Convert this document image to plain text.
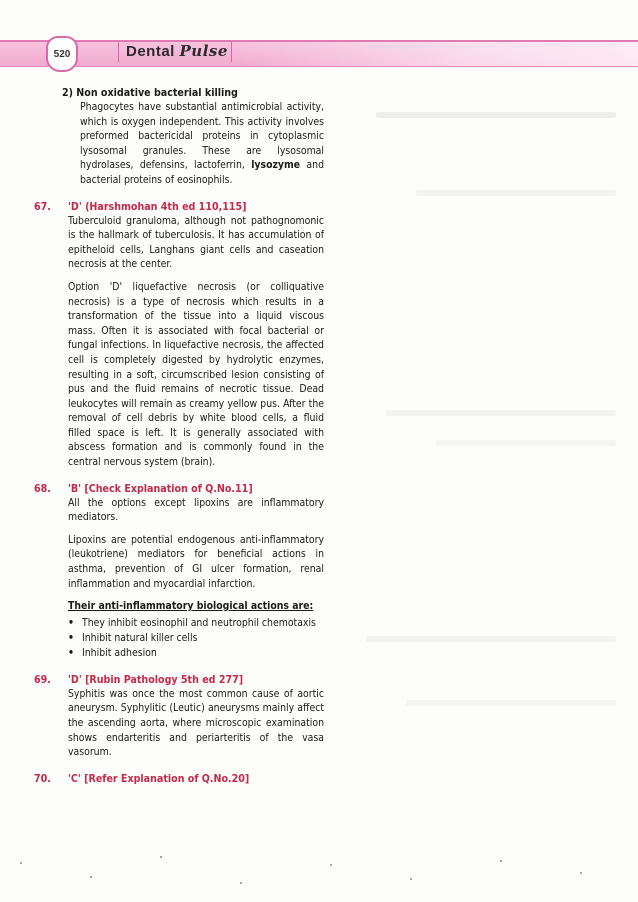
520	Dental Pulse
2) Non oxidative bacterial killing

Phagocytes have substantial antimicrobial activity, which is oxygen independent. This activity involves preformed bactericidal proteins in cytoplasmic lysosomal granules. These are lysosomal hydrolases, defensins, lactoferrin, lysozyme and bacterial proteins of eosinophils.

67. 'D' (Harshmohan 4th ed 110,115]

Tuberculoid granuloma, although not pathognomonic is the hallmark of tuberculosis. It has accumulation of epitheloid cells, Langhans giant cells and caseation necrosis at the center.

Option 'D' liquefactive necrosis (or colliquative necrosis) is a type of necrosis which results in a transformation of the tissue into a liquid viscous mass. Often it is associated with focal bacterial or fungal infections. In liquefactive necrosis, the affected cell is completely digested by hydrolytic enzymes, resulting in a soft, circumscribed lesion consisting of pus and the fluid remains of necrotic tissue. Dead leukocytes will remain as creamy yellow pus. After the removal of cell debris by white blood cells, a fluid filled space is left. It is generally associated with abscess formation and is commonly found in the central nervous system (brain).

68. 'B' [Check Explanation of Q.No.11]

All the options except lipoxins are inflammatory mediators.

Lipoxins are potential endogenous anti-inflammatory (leukotriene) mediators for beneficial actions in asthma, prevention of GI ulcer formation, renal inflammation and myocardial infarction.

Their anti-inflammatory biological actions are:

• They inhibit eosinophil and neutrophil chemotaxis
• Inhibit natural killer cells
• Inhibit adhesion
69. 'D' [Rubin Pathology 5th ed 277]

Syphitis was once the most common cause of aortic aneurysm. Syphylitic (Leutic) aneurysms mainly affect the ascending aorta, where microscopic examination shows endarteritis and periarteritis of the vasa vasorum.

70. 'C' [Refer Explanation of Q.No.20]
